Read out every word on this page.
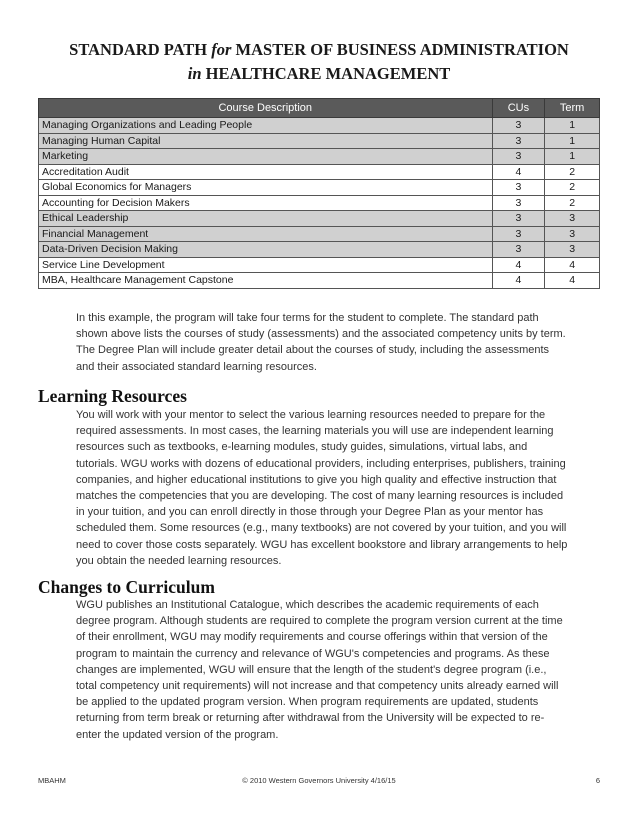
STANDARD PATH for MASTER OF BUSINESS ADMINISTRATION
in HEALTHCARE MANAGEMENT
Course Description	CUs	Term
Managing Organizations and Leading People	3	1
Managing Human Capital	3	1
Marketing	3	1
Accreditation Audit	4	2
Global Economics for Managers	3	2
Accounting for Decision Makers	3	2
Ethical Leadership	3	3
Financial Management	3	3
Data-Driven Decision Making	3	3
Service Line Development	4	4
MBA, Healthcare Management Capstone	4	4
In this example, the program will take four terms for the student to complete. The standard path shown above lists the courses of study (assessments) and the associated competency units by term. The Degree Plan will include greater detail about the courses of study, including the assessments and their associated standard learning resources.
Learning Resources
You will work with your mentor to select the various learning resources needed to prepare for the required assessments. In most cases, the learning materials you will use are independent learning resources such as textbooks, e-learning modules, study guides, simulations, virtual labs, and tutorials. WGU works with dozens of educational providers, including enterprises, publishers, training companies, and higher educational institutions to give you high quality and effective instruction that matches the competencies that you are developing. The cost of many learning resources is included in your tuition, and you can enroll directly in those through your Degree Plan as your mentor has scheduled them. Some resources (e.g., many textbooks) are not covered by your tuition, and you will need to cover those costs separately. WGU has excellent bookstore and library arrangements to help you obtain the needed learning resources.
Changes to Curriculum
WGU publishes an Institutional Catalogue, which describes the academic requirements of each degree program. Although students are required to complete the program version current at the time of their enrollment, WGU may modify requirements and course offerings within that version of the program to maintain the currency and relevance of WGU's competencies and programs. As these changes are implemented, WGU will ensure that the length of the student's degree program (i.e., total competency unit requirements) will not increase and that competency units already earned will be applied to the updated program version. When program requirements are updated, students returning from term break or returning after withdrawal from the University will be expected to re-enter the updated version of the program.
MBAHM	© 2010 Western Governors University 4/16/15	6
